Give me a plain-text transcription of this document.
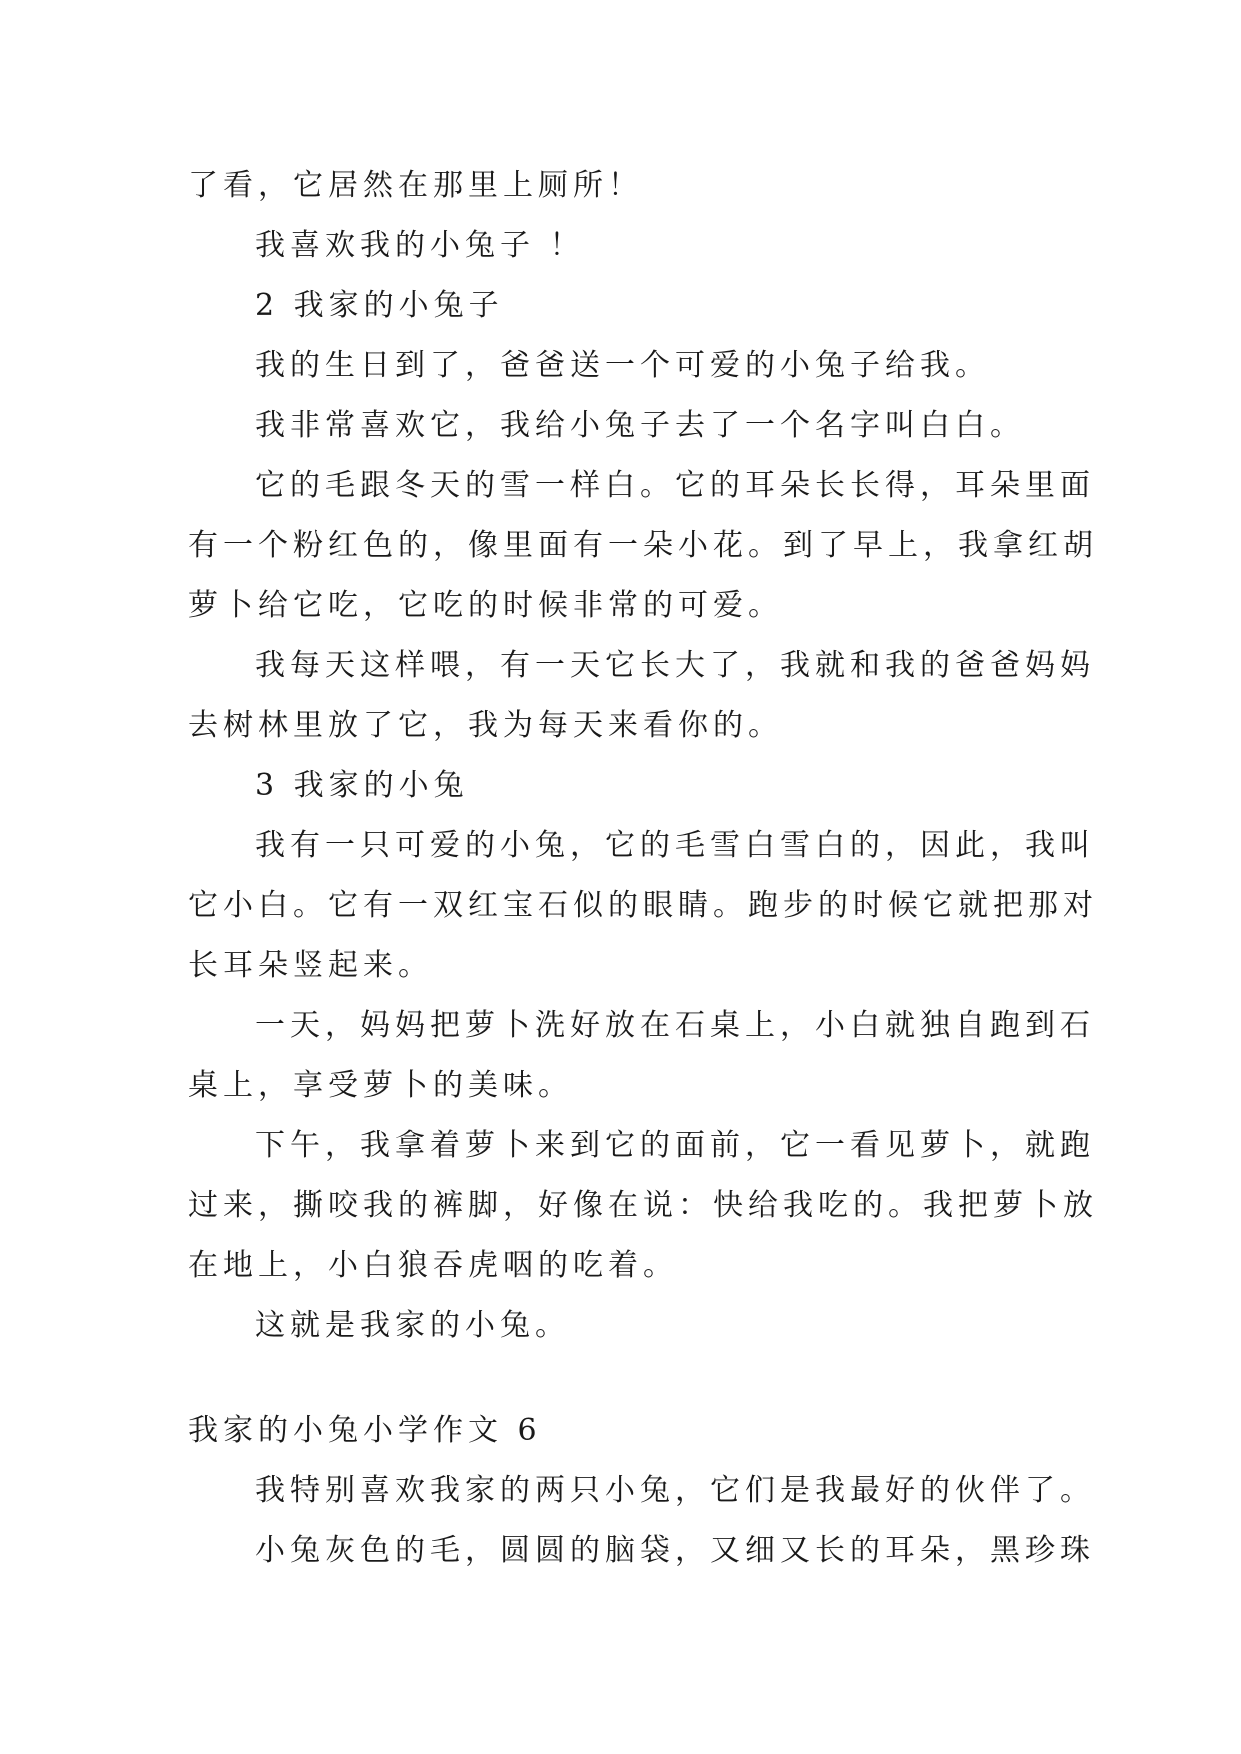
了看，它居然在那里上厕所！
我喜欢我的小兔子 ！
2 我家的小兔子
我的生日到了，爸爸送一个可爱的小兔子给我。
我非常喜欢它，我给小兔子去了一个名字叫白白。
它的毛跟冬天的雪一样白。它的耳朵长长得，耳朵里面
有一个粉红色的，像里面有一朵小花。到了早上，我拿红胡
萝卜给它吃，它吃的时候非常的可爱。
我每天这样喂，有一天它长大了，我就和我的爸爸妈妈
去树林里放了它，我为每天来看你的。
3 我家的小兔
我有一只可爱的小兔，它的毛雪白雪白的，因此，我叫
它小白。它有一双红宝石似的眼睛。跑步的时候它就把那对
长耳朵竖起来。
一天，妈妈把萝卜洗好放在石桌上，小白就独自跑到石
桌上，享受萝卜的美味。
下午，我拿着萝卜来到它的面前，它一看见萝卜，就跑
过来，撕咬我的裤脚，好像在说：快给我吃的。我把萝卜放
在地上，小白狼吞虎咽的吃着。
这就是我家的小兔。
我家的小兔小学作文 6
我特别喜欢我家的两只小兔，它们是我最好的伙伴了。
小兔灰色的毛，圆圆的脑袋，又细又长的耳朵，黑珍珠
